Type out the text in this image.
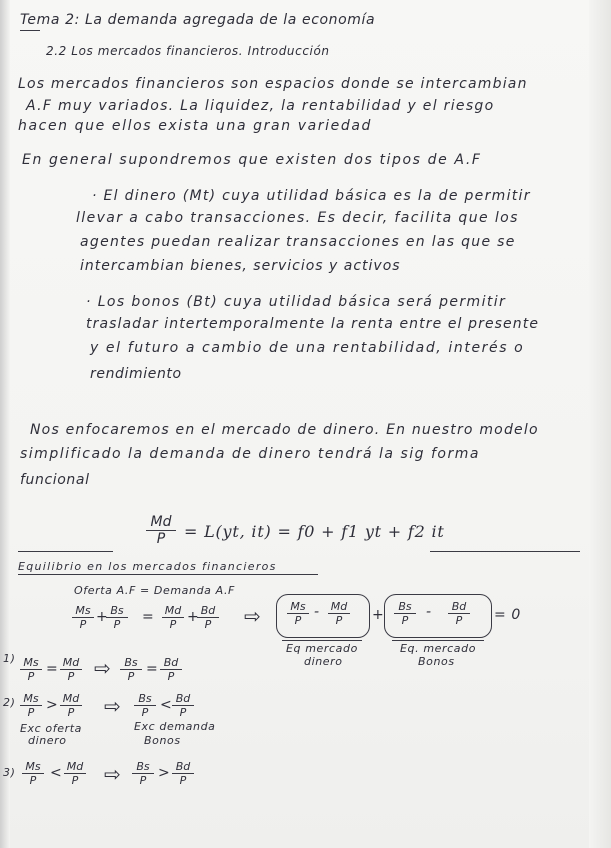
Tema 2: La demanda agregada de la economía
2.2 Los mercados financieros. Introducción
Los mercados financieros son espacios donde se intercambian
A.F muy variados. La liquidez, la rentabilidad y el riesgo
hacen que ellos exista una gran variedad
En general supondremos que existen dos tipos de A.F
· El dinero (Mt) cuya utilidad básica es la de permitir
llevar a cabo transacciones. Es decir, facilita que los
agentes puedan realizar transacciones en las que se
intercambian bienes, servicios y activos
· Los bonos (Bt) cuya utilidad básica será permitir
trasladar intertemporalmente la renta entre el presente
y el futuro a cambio de una rentabilidad, interés o
rendimiento
Nos enfocaremos en el mercado de dinero. En nuestro modelo
simplificado la demanda de dinero tendrá la sig forma
funcional
$\frac{Md}{P} = L(yt$, it) = f0 + f1 yt + f2 it
Equilibrio en los mercados financieros
Oferta A.F = Demanda A.F
$\frac{Ms}{P}$ +
$\frac{Bs}{P} = \frac{Md}{P}$ +
$\frac{Bd}{P}$ ⇨ $\frac{Ms}{P} - \frac{Md}{P} + \frac{Bs}{P} - \frac{Bd}{P} = 0$
Eq mercado
dinero
Eq. mercado
Bonos
$1) \frac{Ms}{P} = \frac{Md}{P}$ ⇨ $\frac{Bs}{P} = \frac{Bd}{P}$
$2) \frac{Ms}{P} > \frac{Md}{P}$ ⇨ $\frac{Bs}{P} < \frac{Bd}{P}$
Exc oferta
dinero
Exc demanda
Bonos
$3) \frac{Ms}{P} < \frac{Md}{P}$ ⇨ $\frac{Bs}{P} > \frac{Bd}{P}$
